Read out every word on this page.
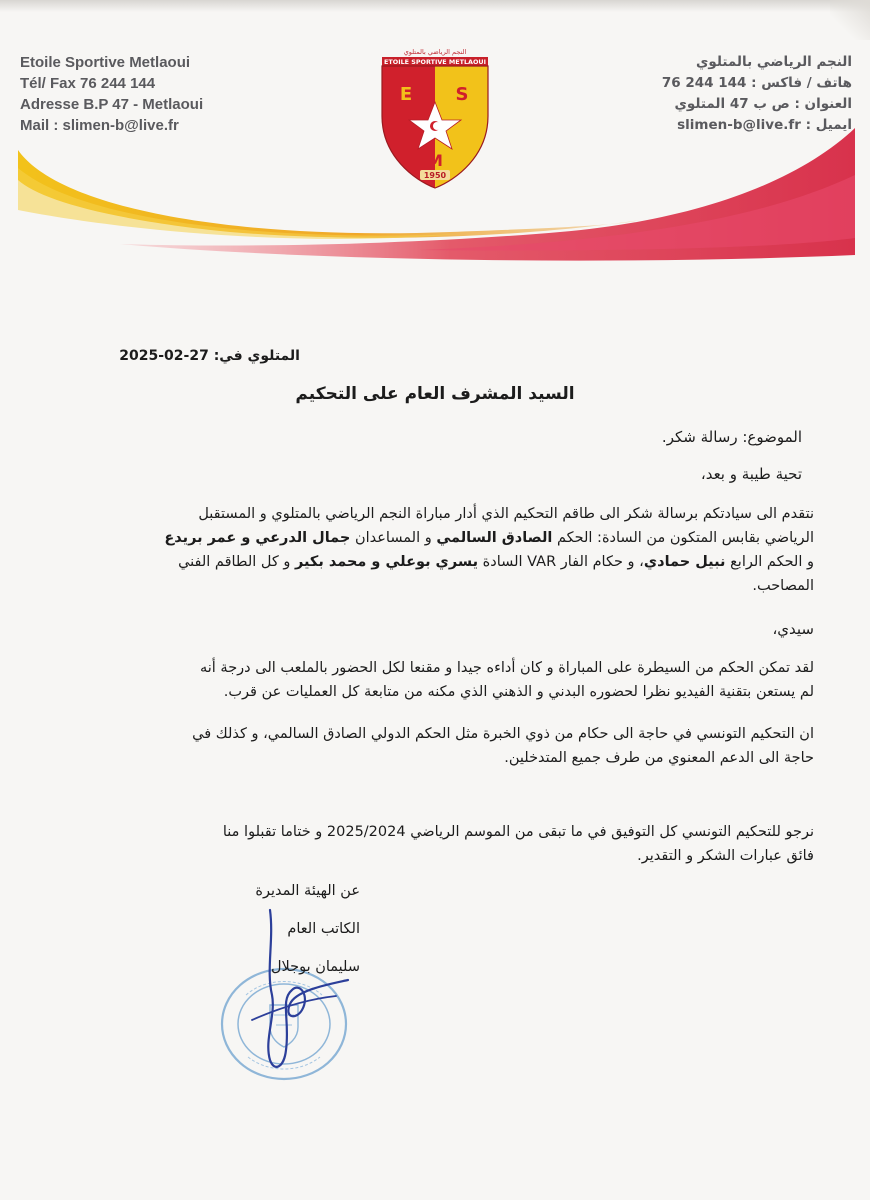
Etoile Sportive Metlaoui
Tél/ Fax 76 244 144
Adresse B.P 47 - Metlaoui
Mail : slimen-b@live.fr
النجم الرياضي بالمتلوي
هاتف / فاكس : 144 244 76
العنوان : ص ب 47 المتلوي
ايميل : slimen-b@live.fr
النجم الرياضي بالمتلوي
ETOILE SPORTIVE METLAOUI
E S
M
1950
المتلوي في: 27-02-2025
السيد المشرف العام على التحكيم
الموضوع: رسالة شكر.
تحية طيبة و بعد،
نتقدم الى سيادتكم برسالة شكر الى طاقم التحكيم الذي أدار مباراة النجم الرياضي بالمتلوي و المستقبل
الرياضي بقابس المتكون من السادة: الحكم الصادق السالمي و المساعدان جمال الدرعي و عمر بريدع
و الحكم الرابع نبيل حمادي، و حكام الفار VAR السادة يسري بوعلي و محمد بكير و كل الطاقم الفني
المصاحب.
سيدي،
لقد تمكن الحكم من السيطرة على المباراة و كان أداءه جيدا و مقنعا لكل الحضور بالملعب الى درجة أنه
لم يستعن بتقنية الفيديو نظرا لحضوره البدني و الذهني الذي مكنه من متابعة كل العمليات عن قرب.
ان التحكيم التونسي في حاجة الى حكام من ذوي الخبرة مثل الحكم الدولي الصادق السالمي، و كذلك في
حاجة الى الدعم المعنوي من طرف جميع المتدخلين.
نرجو للتحكيم التونسي كل التوفيق في ما تبقى من الموسم الرياضي 2025/2024 و ختاما تقبلوا منا
فائق عبارات الشكر و التقدير.
عن الهيئة المديرة
الكاتب العام
سليمان بوجلال
